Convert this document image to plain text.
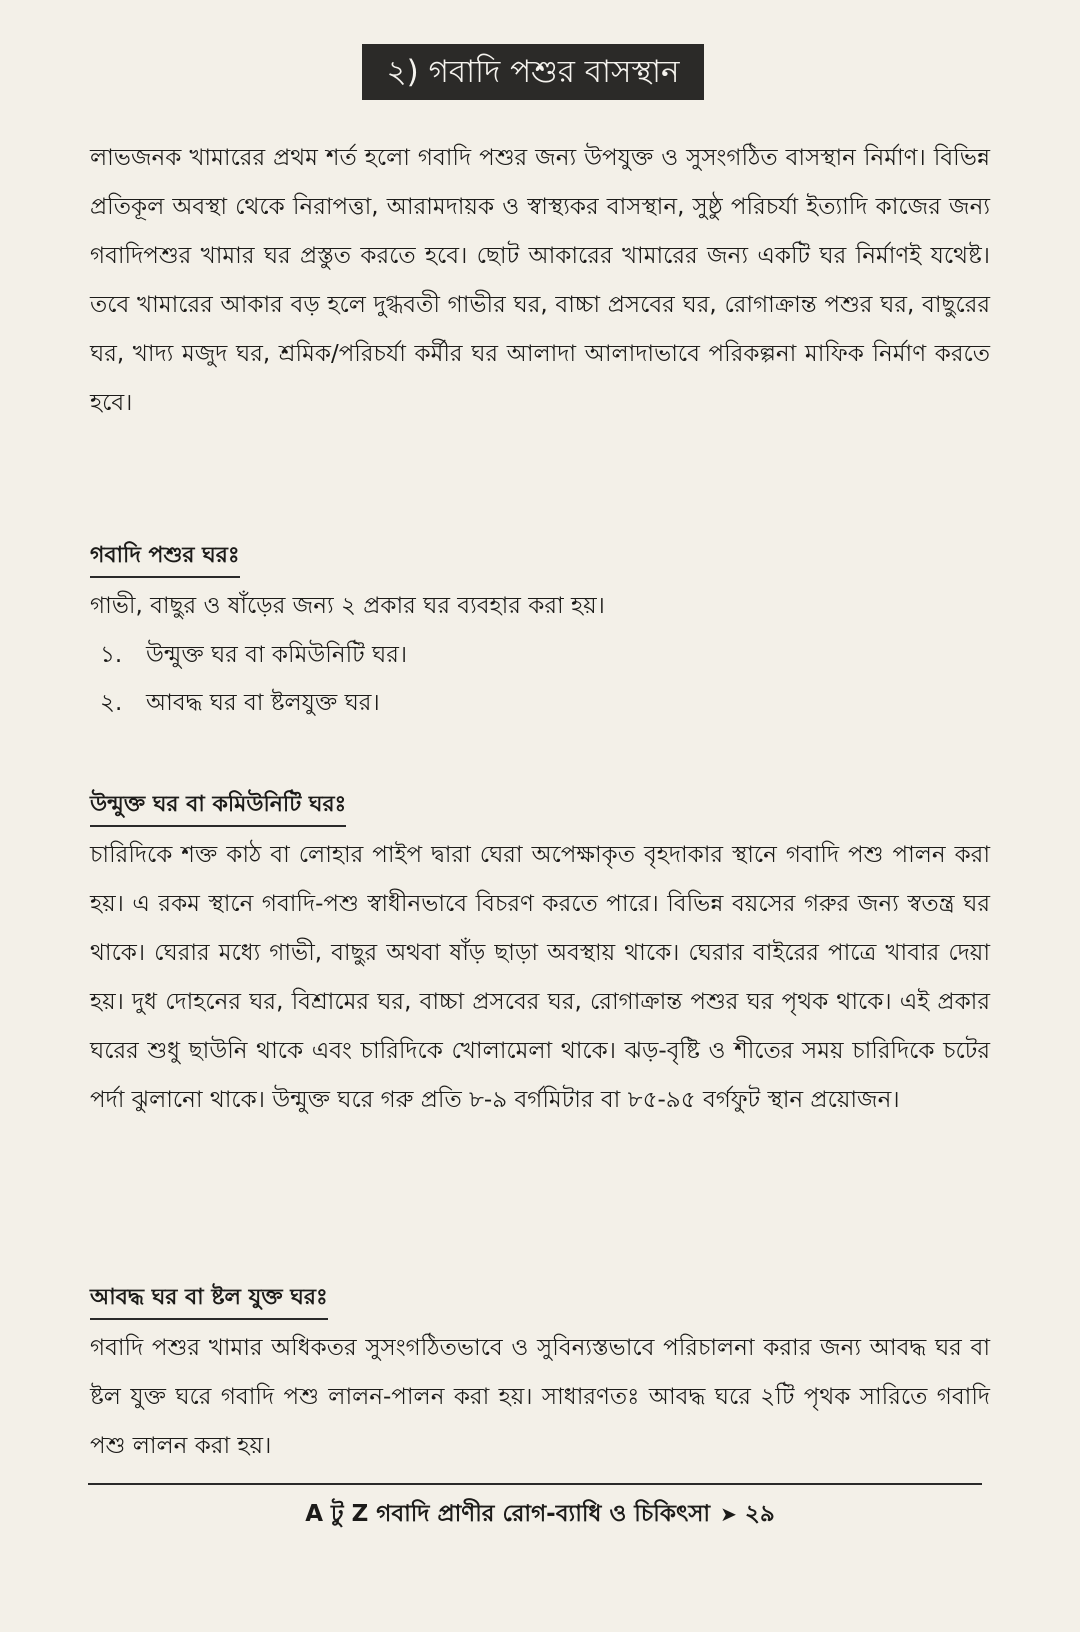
২) গবাদি পশুর বাসস্থান

লাভজনক খামারের প্রথম শর্ত হলো গবাদি পশুর জন্য উপযুক্ত ও সুসংগঠিত বাসস্থান নির্মাণ। বিভিন্ন প্রতিকূল অবস্থা থেকে নিরাপত্তা, আরামদায়ক ও স্বাস্থ্যকর বাসস্থান, সুষ্ঠু পরিচর্যা ইত্যাদি কাজের জন্য গবাদিপশুর খামার ঘর প্রস্তুত করতে হবে। ছোট আকারের খামারের জন্য একটি ঘর নির্মাণই যথেষ্ট। তবে খামারের আকার বড় হলে দুগ্ধবতী গাভীর ঘর, বাচ্চা প্রসবের ঘর, রোগাক্রান্ত পশুর ঘর, বাছুরের ঘর, খাদ্য মজুদ ঘর, শ্রমিক/পরিচর্যা কর্মীর ঘর আলাদা আলাদাভাবে পরিকল্পনা মাফিক নির্মাণ করতে হবে।

গবাদি পশুর ঘরঃ

গাভী, বাছুর ও ষাঁড়ের জন্য ২ প্রকার ঘর ব্যবহার করা হয়।

১. উন্মুক্ত ঘর বা কমিউনিটি ঘর।

২. আবদ্ধ ঘর বা ষ্টলযুক্ত ঘর।

উন্মুক্ত ঘর বা কমিউনিটি ঘরঃ

চারিদিকে শক্ত কাঠ বা লোহার পাইপ দ্বারা ঘেরা অপেক্ষাকৃত বৃহদাকার স্থানে গবাদি পশু পালন করা হয়। এ রকম স্থানে গবাদি-পশু স্বাধীনভাবে বিচরণ করতে পারে। বিভিন্ন বয়সের গরুর জন্য স্বতন্ত্র ঘর থাকে। ঘেরার মধ্যে গাভী, বাছুর অথবা ষাঁড় ছাড়া অবস্থায় থাকে। ঘেরার বাইরের পাত্রে খাবার দেয়া হয়। দুধ দোহনের ঘর, বিশ্রামের ঘর, বাচ্চা প্রসবের ঘর, রোগাক্রান্ত পশুর ঘর পৃথক থাকে। এই প্রকার ঘরের শুধু ছাউনি থাকে এবং চারিদিকে খোলামেলা থাকে। ঝড়-বৃষ্টি ও শীতের সময় চারিদিকে চটের পর্দা ঝুলানো থাকে। উন্মুক্ত ঘরে গরু প্রতি ৮-৯ বর্গমিটার বা ৮৫-৯৫ বর্গফুট স্থান প্রয়োজন।

আবদ্ধ ঘর বা ষ্টল যুক্ত ঘরঃ

গবাদি পশুর খামার অধিকতর সুসংগঠিতভাবে ও সুবিন্যস্তভাবে পরিচালনা করার জন্য আবদ্ধ ঘর বা ষ্টল যুক্ত ঘরে গবাদি পশু লালন-পালন করা হয়। সাধারণতঃ আবদ্ধ ঘরে ২টি পৃথক সারিতে গবাদি পশু লালন করা হয়।

A টু Z গবাদি প্রাণীর রোগ-ব্যাধি ও চিকিৎসা ➤ ২৯
